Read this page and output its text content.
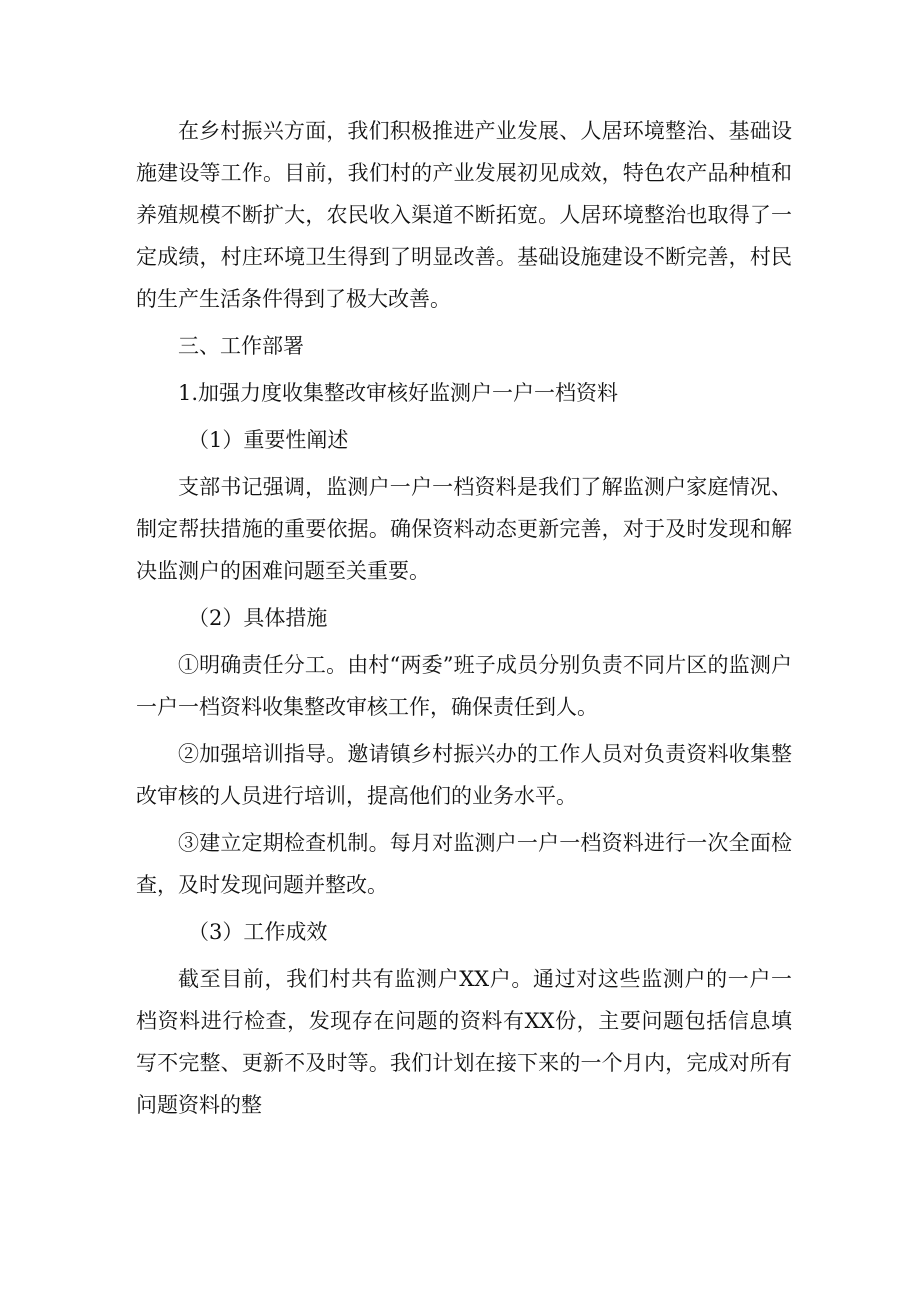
在乡村振兴方面，我们积极推进产业发展、人居环境整治、基础设施建设等工作。目前，我们村的产业发展初见成效，特色农产品种植和养殖规模不断扩大，农民收入渠道不断拓宽。人居环境整治也取得了一定成绩，村庄环境卫生得到了明显改善。基础设施建设不断完善，村民的生产生活条件得到了极大改善。

三、工作部署

1.加强力度收集整改审核好监测户一户一档资料

（1）重要性阐述

支部书记强调，监测户一户一档资料是我们了解监测户家庭情况、制定帮扶措施的重要依据。确保资料动态更新完善，对于及时发现和解决监测户的困难问题至关重要。

（2）具体措施

①明确责任分工。由村“两委”班子成员分别负责不同片区的监测户一户一档资料收集整改审核工作，确保责任到人。

②加强培训指导。邀请镇乡村振兴办的工作人员对负责资料收集整改审核的人员进行培训，提高他们的业务水平。

③建立定期检查机制。每月对监测户一户一档资料进行一次全面检查，及时发现问题并整改。

（3）工作成效

截至目前，我们村共有监测户XX户。通过对这些监测户的一户一档资料进行检查，发现存在问题的资料有XX份，主要问题包括信息填写不完整、更新不及时等。我们计划在接下来的一个月内，完成对所有问题资料的整
